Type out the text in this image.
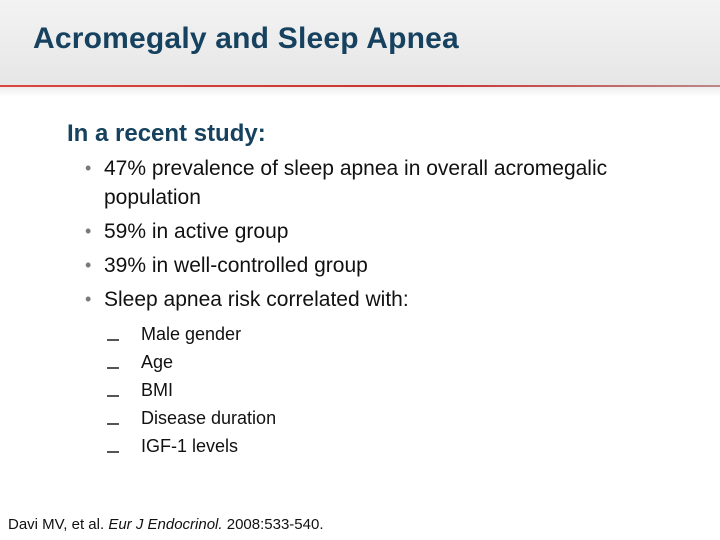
Acromegaly and Sleep Apnea
In a recent study:
• 47% prevalence of sleep apnea in overall acromegalic population
• 59% in active group
• 39% in well-controlled group
• Sleep apnea risk correlated with:
Male gender
Age
BMI
Disease duration
IGF-1 levels

Davi MV, et al. Eur J Endocrinol. 2008:533-540.
